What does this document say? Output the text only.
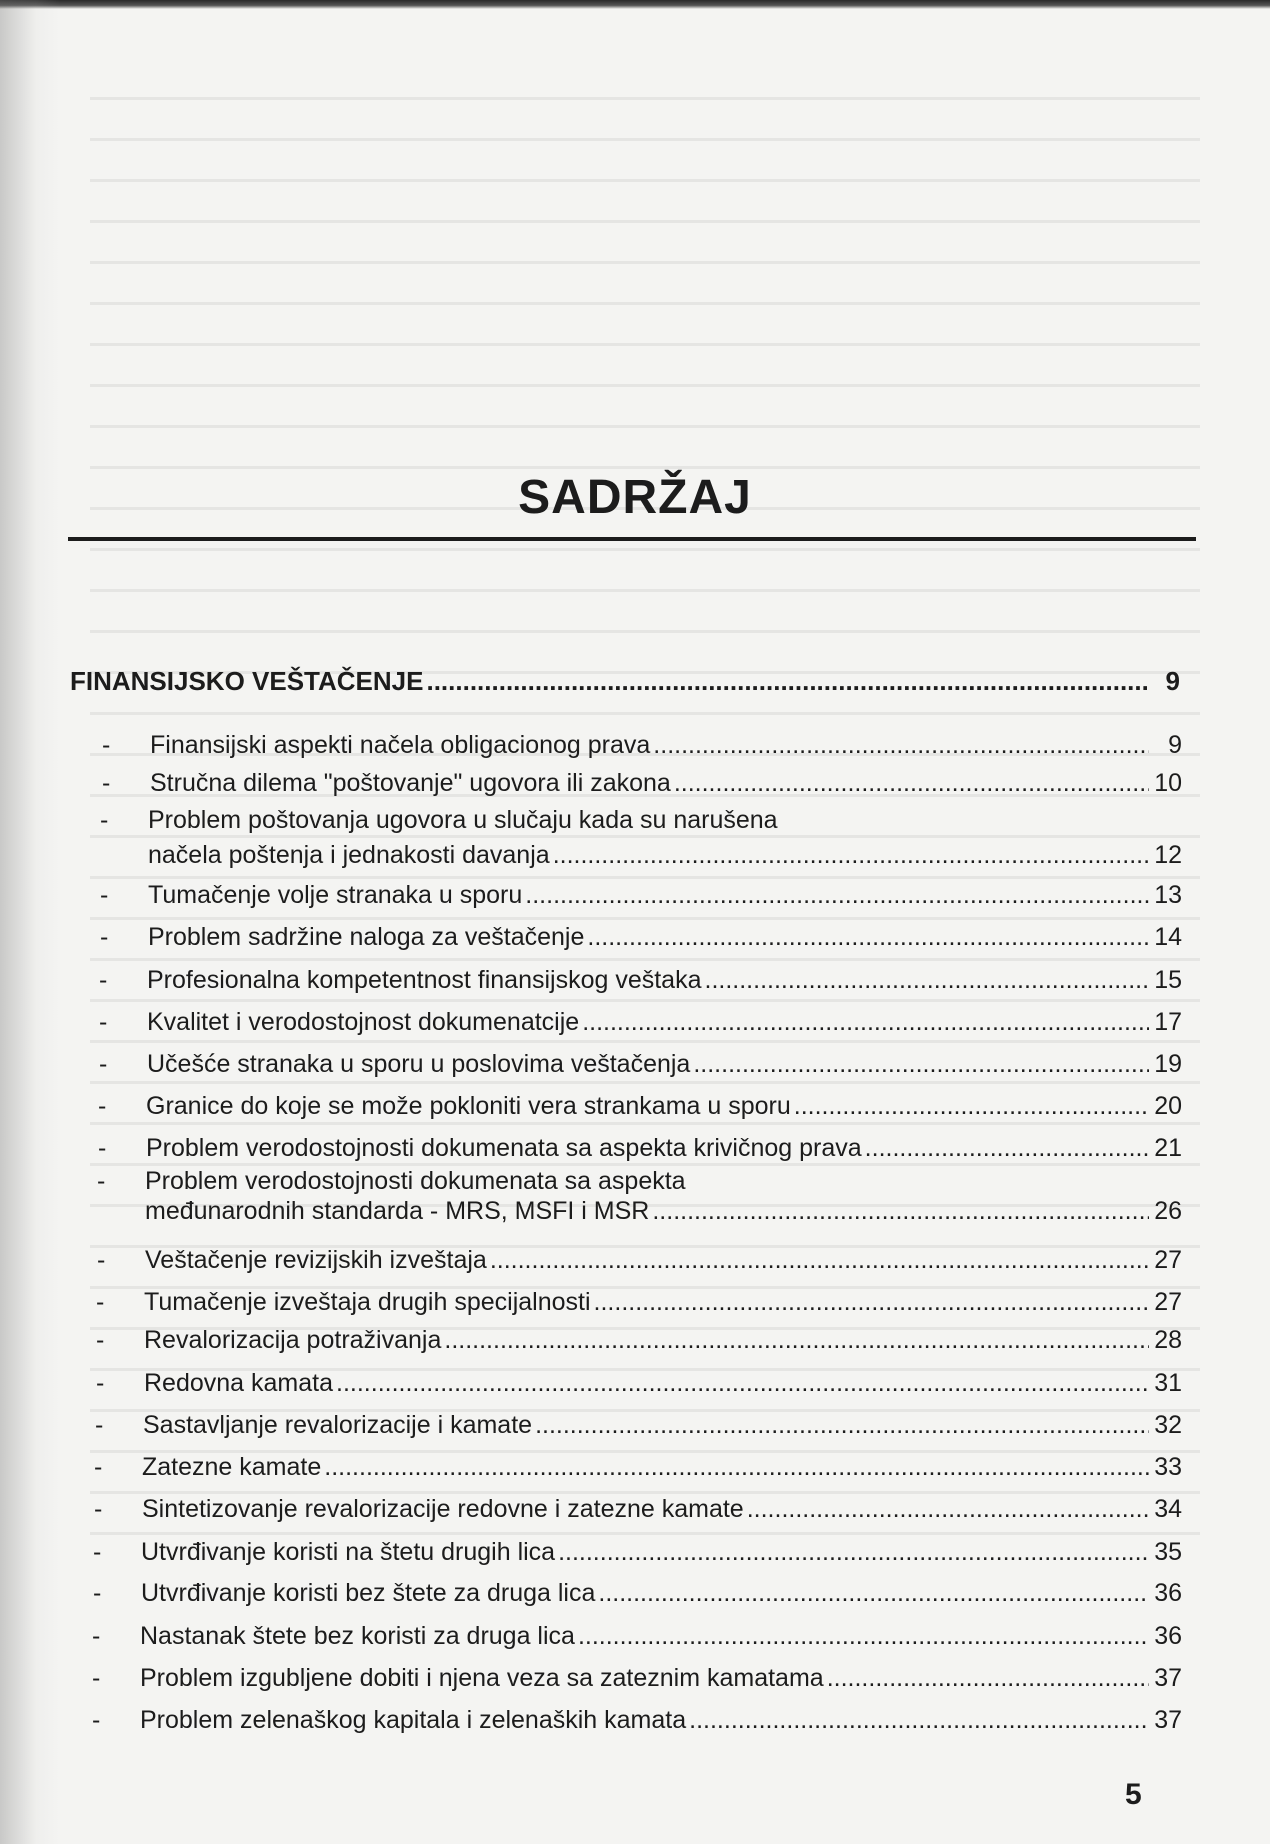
SADRŽAJ
FINANSIJSKO VEŠTAČENJE .....	9
- Finansijski aspekti načela obligacionog prava .....	9
- Stručna dilema "poštovanje" ugovora ili zakona .....	10
- Problem poštovanja ugovora u slučaju kada su narušena
načela poštenja i jednakosti davanja .....	12
- Tumačenje volje stranaka u sporu .....	13
- Problem sadržine naloga za veštačenje .....	14
- Profesionalna kompetentnost finansijskog veštaka .....	15
- Kvalitet i verodostojnost dokumenatcije .....	17
- Učešće stranaka u sporu u poslovima veštačenja .....	19
- Granice do koje se može pokloniti vera strankama u sporu .....	20
- Problem verodostojnosti dokumenata sa aspekta krivičnog prava .....	21
- Problem verodostojnosti dokumenata sa aspekta
međunarodnih standarda - MRS, MSFI i MSR .....	26
- Veštačenje revizijskih izveštaja .....	27
- Tumačenje izveštaja drugih specijalnosti .....	27
- Revalorizacija potraživanja .....	28
- Redovna kamata .....	31
- Sastavljanje revalorizacije i kamate .....	32
- Zatezne kamate .....	33
- Sintetizovanje revalorizacije redovne i zatezne kamate .....	34
- Utvrđivanje koristi na štetu drugih lica .....	35
- Utvrđivanje koristi bez štete za druga lica .....	36
- Nastanak štete bez koristi za druga lica .....	36
- Problem izgubljene dobiti i njena veza sa zateznim kamatama .....	37
- Problem zelenaškog kapitala i zelenaških kamata .....	37
5
